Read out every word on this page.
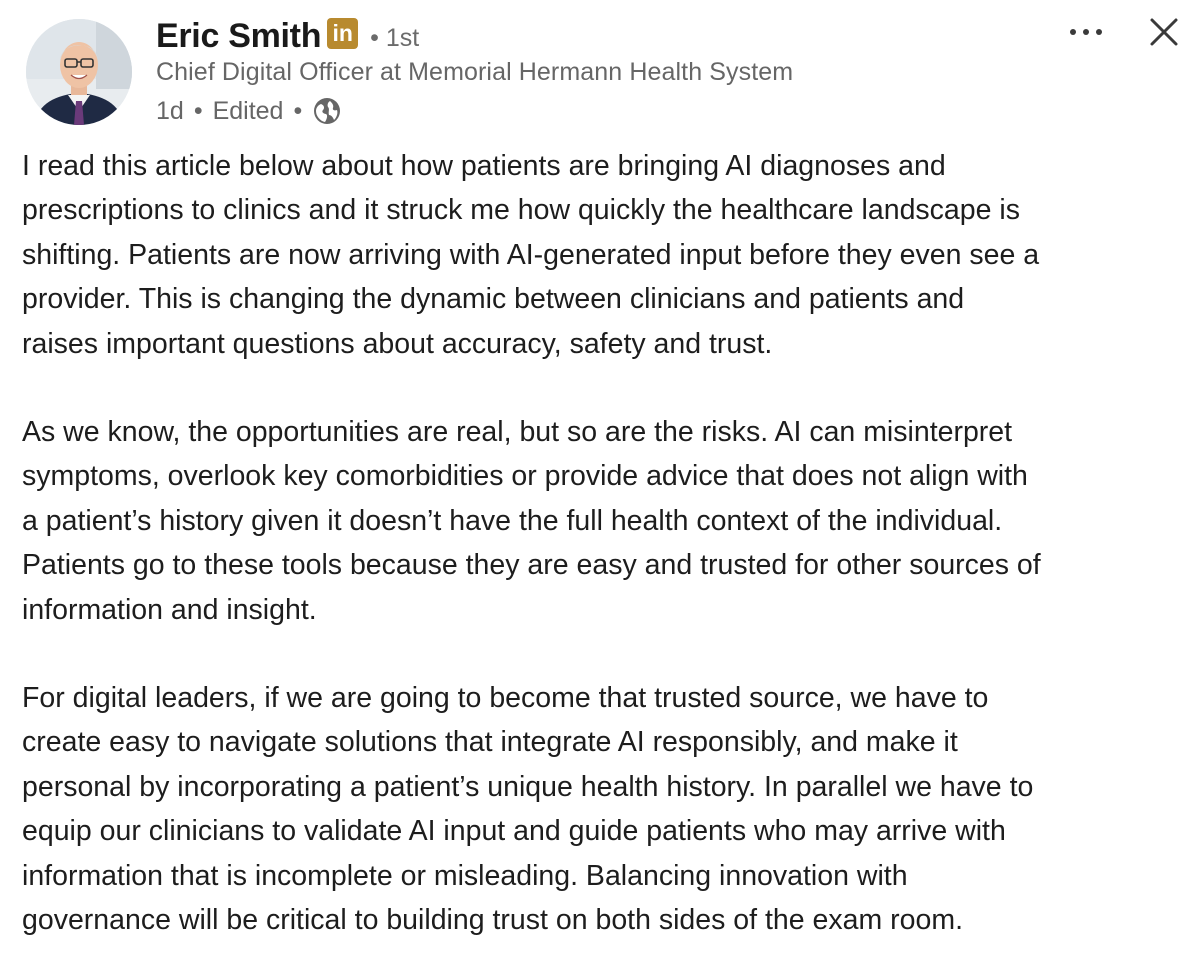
Eric Smith in • 1st
Chief Digital Officer at Memorial Hermann Health System
1d • Edited •

I read this article below about how patients are bringing AI diagnoses and
prescriptions to clinics and it struck me how quickly the healthcare landscape is
shifting. Patients are now arriving with AI-generated input before they even see a
provider. This is changing the dynamic between clinicians and patients and
raises important questions about accuracy, safety and trust.

As we know, the opportunities are real, but so are the risks. AI can misinterpret
symptoms, overlook key comorbidities or provide advice that does not align with
a patient’s history given it doesn’t have the full health context of the individual.
Patients go to these tools because they are easy and trusted for other sources of
information and insight.

For digital leaders, if we are going to become that trusted source, we have to
create easy to navigate solutions that integrate AI responsibly, and make it
personal by incorporating a patient’s unique health history. In parallel we have to
equip our clinicians to validate AI input and guide patients who may arrive with
information that is incomplete or misleading. Balancing innovation with
governance will be critical to building trust on both sides of the exam room.
